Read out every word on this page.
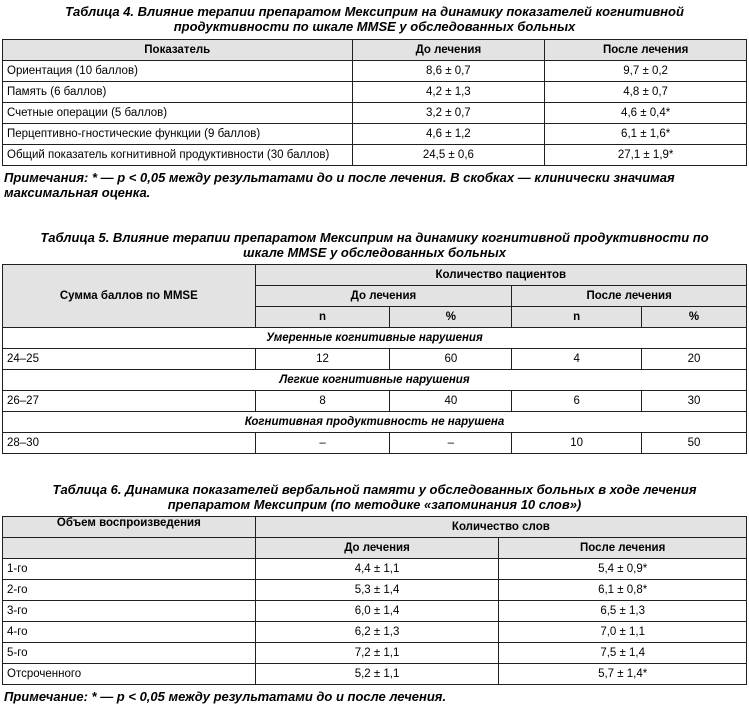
Таблица 4. Влияние терапии препаратом Мексиприм на динамику показателей когнитивной продуктивности по шкале MMSE у обследованных больных

Показатель	До лечения	После лечения
Ориентация (10 баллов)	8,6 ± 0,7	9,7 ± 0,2
Память (6 баллов)	4,2 ± 1,3	4,8 ± 0,7
Счетные операции (5 баллов)	3,2 ± 0,7	4,6 ± 0,4*
Перцептивно-гностические функции (9 баллов)	4,6 ± 1,2	6,1 ± 1,6*
Общий показатель когнитивной продуктивности (30 баллов)	24,5 ± 0,6	27,1 ± 1,9*

Примечания: * — p < 0,05 между результатами до и после лечения. В скобках — клинически значимая максимальная оценка.

Таблица 5. Влияние терапии препаратом Мексиприм на динамику когнитивной продуктивности по шкале MMSE у обследованных больных

Сумма баллов по MMSE	Количество пациентов			
	До лечения		После лечения	
	n	%	n	%
Умеренные когнитивные нарушения				
24–25	12	60	4	20
Легкие когнитивные нарушения				
26–27	8	40	6	30
Когнитивная продуктивность не нарушена				
28–30	–	–	10	50

Таблица 6. Динамика показателей вербальной памяти у обследованных больных в ходе лечения препаратом Мексиприм (по методике «запоминания 10 слов»)

Объем воспроизведения	Количество слов	
	До лечения	После лечения
1-го	4,4 ± 1,1	5,4 ± 0,9*
2-го	5,3 ± 1,4	6,1 ± 0,8*
3-го	6,0 ± 1,4	6,5 ± 1,3
4-го	6,2 ± 1,3	7,0 ± 1,1
5-го	7,2 ± 1,1	7,5 ± 1,4
Отсроченного	5,2 ± 1,1	5,7 ± 1,4*

Примечание: * — p < 0,05 между результатами до и после лечения.
